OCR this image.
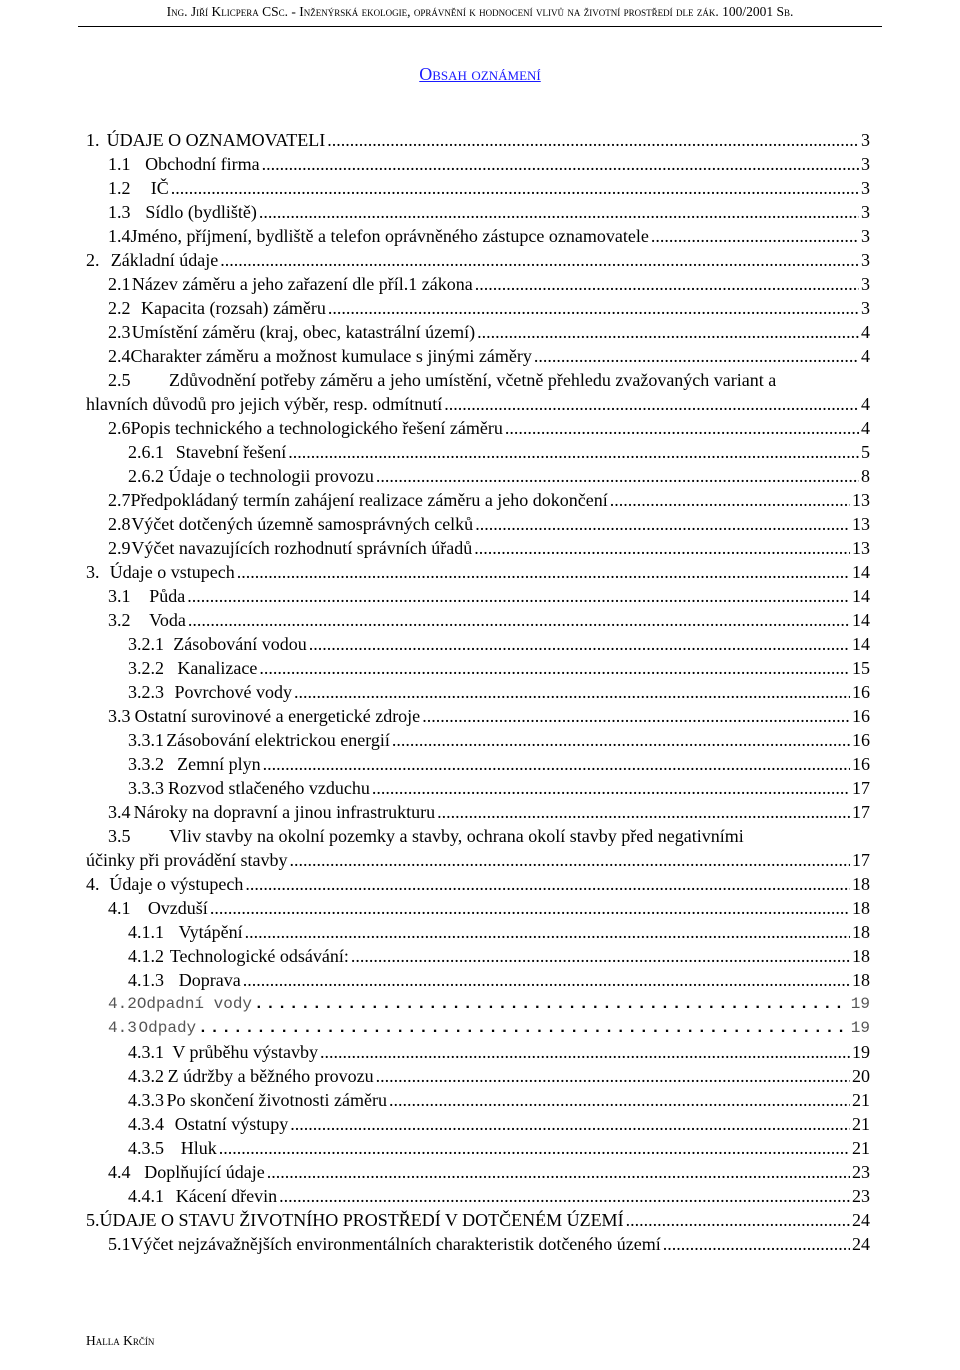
Ing. Jiří Klicpera CSc. - Inženýrská ekologie, oprávnění k hodnocení vlivů na životní prostředí dle zák. 100/2001 Sb.
Obsah oznámení
1. ÚDAJE O OZNAMOVATELI .....	3
1.1 Obchodní firma .....	3
1.2	IČ .....	3
1.3 Sídlo (bydliště) .....	3
1.4 Jméno, příjmení, bydliště a telefon oprávněného zástupce oznamovatele .....	3
2. Základní údaje .....	3
2.1 Název záměru a jeho zařazení dle příl.1 zákona .....	3
2.2 Kapacita (rozsah) záměru .....	3
2.3 Umístění záměru (kraj, obec, katastrální území) .....	4
2.4 Charakter záměru a možnost kumulace s jinými záměry .....	4
2.5	Zdůvodnění potřeby záměru a jeho umístění, včetně přehledu zvažovaných variant a
hlavních důvodů pro jejich výběr, resp. odmítnutí .....	4
2.6 Popis technického a technologického řešení záměru .....	4
2.6.1 Stavební řešení .....	5
2.6.2 Údaje o technologii provozu .....	8
2.7 Předpokládaný termín zahájení realizace záměru a jeho dokončení .....	13
2.8 Výčet dotčených územně samosprávných celků .....	13
2.9 Výčet navazujících rozhodnutí správních úřadů .....	13
3. Údaje o vstupech .....	14
3.1	Půda .....	14
3.2	Voda .....	14
3.2.1 Zásobování vodou .....	14
3.2.2 Kanalizace .....	15
3.2.3 Povrchové vody .....	16
3.3 Ostatní surovinové a energetické zdroje .....	16
3.3.1 Zásobování elektrickou energií .....	16
3.3.2 Zemní plyn .....	16
3.3.3 Rozvod stlačeného vzduchu .....	17
3.4 Nároky na dopravní a jinou infrastrukturu .....	17
3.5	Vliv stavby na okolní pozemky a stavby, ochrana okolí stavby před negativními
účinky při provádění stavby .....	17
4. Údaje o výstupech .....	18
4.1 Ovzduší .....	18
4.1.1 Vytápění .....	18
4.1.2 Technologické odsávání: .....	18
4.1.3 Doprava .....	18
4.2 Odpadní vody .....	19
4.3 Odpady .....	19
4.3.1 V průběhu výstavby .....	19
4.3.2 Z údržby a běžného provozu .....	20
4.3.3 Po skončení životnosti záměru .....	21
4.3.4 Ostatní výstupy .....	21
4.3.5 Hluk .....	21
4.4 Doplňující údaje .....	23
4.4.1 Kácení dřevin .....	23
5. ÚDAJE O STAVU ŽIVOTNÍHO PROSTŘEDÍ V DOTČENÉM ÚZEMÍ .....	24
5.1 Výčet nejzávažnějších environmentálních charakteristik dotčeného území .....	24
Halla Krčín
